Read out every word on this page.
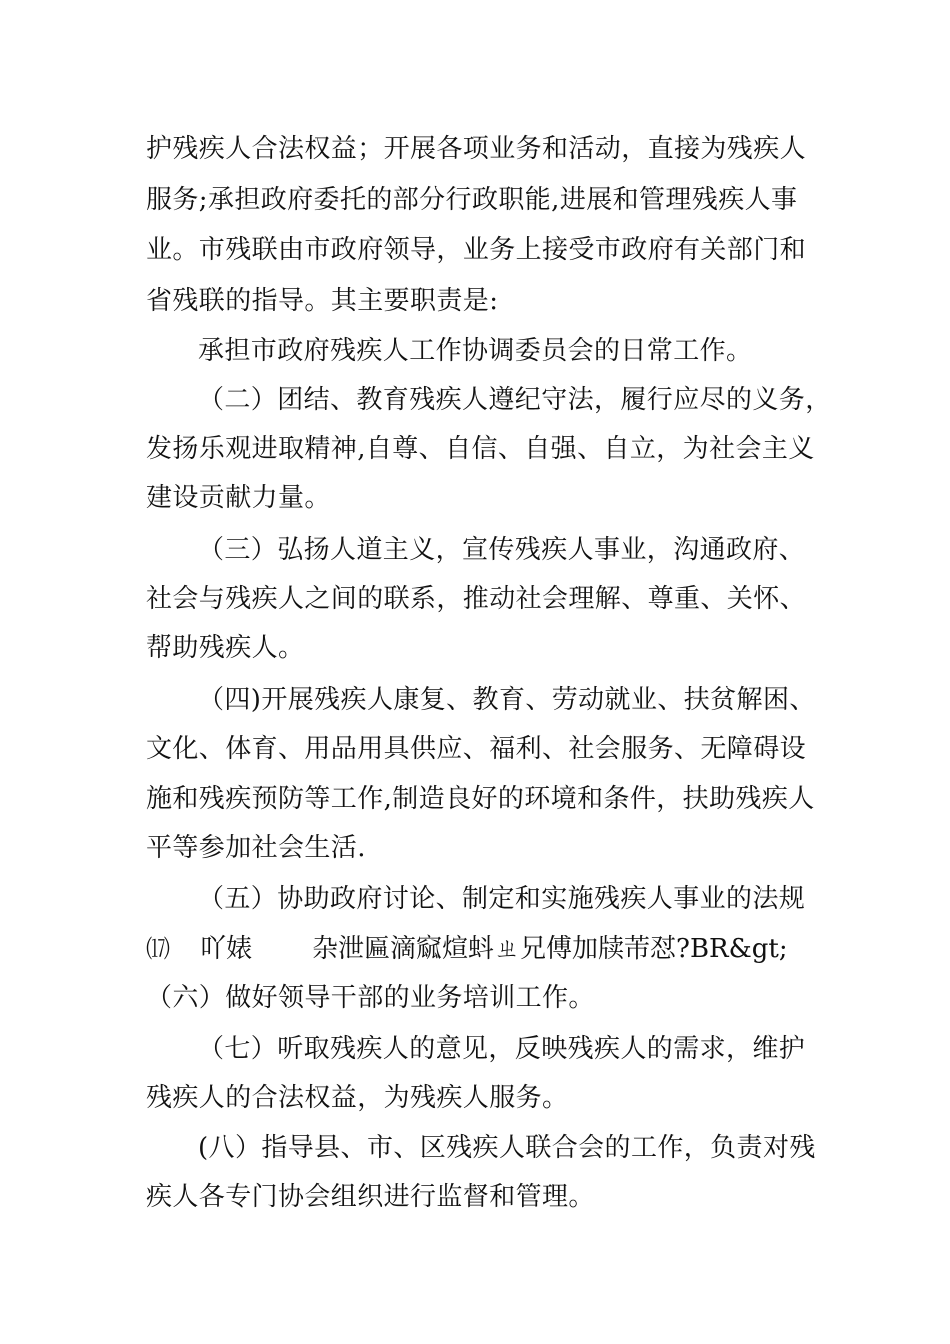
护残疾人合法权益；开展各项业务和活动，直接为残疾人
服务;承担政府委托的部分行政职能,进展和管理残疾人事
业。市残联由市政府领导，业务上接受市政府有关部门和
省残联的指导。其主要职责是:
承担市政府残疾人工作协调委员会的日常工作。
（二）团结、教育残疾人遵纪守法，履行应尽的义务，
发扬乐观进取精神,自尊、自信、自强、自立，为社会主义
建设贡献力量。
（三）弘扬人道主义，宣传残疾人事业，沟通政府、
社会与残疾人之间的联系，推动社会理解、尊重、关怀、
帮助残疾人。
（四)开展残疾人康复、教育、劳动就业、扶贫解困、
文化、体育、用品用具供应、福利、社会服务、无障碍设
施和残疾预防等工作,制造良好的环境和条件，扶助残疾人
平等参加社会生活.
（五）协助政府讨论、制定和实施残疾人事业的法规
⒄ 吖婊 杂泄匾滴窳煊蚪ㄓ兄傅加牍芾怼?BR&gt;
（六）做好领导干部的业务培训工作。
（七）听取残疾人的意见，反映残疾人的需求，维护
残疾人的合法权益，为残疾人服务。
(八）指导县、市、区残疾人联合会的工作，负责对残
疾人各专门协会组织进行监督和管理。
